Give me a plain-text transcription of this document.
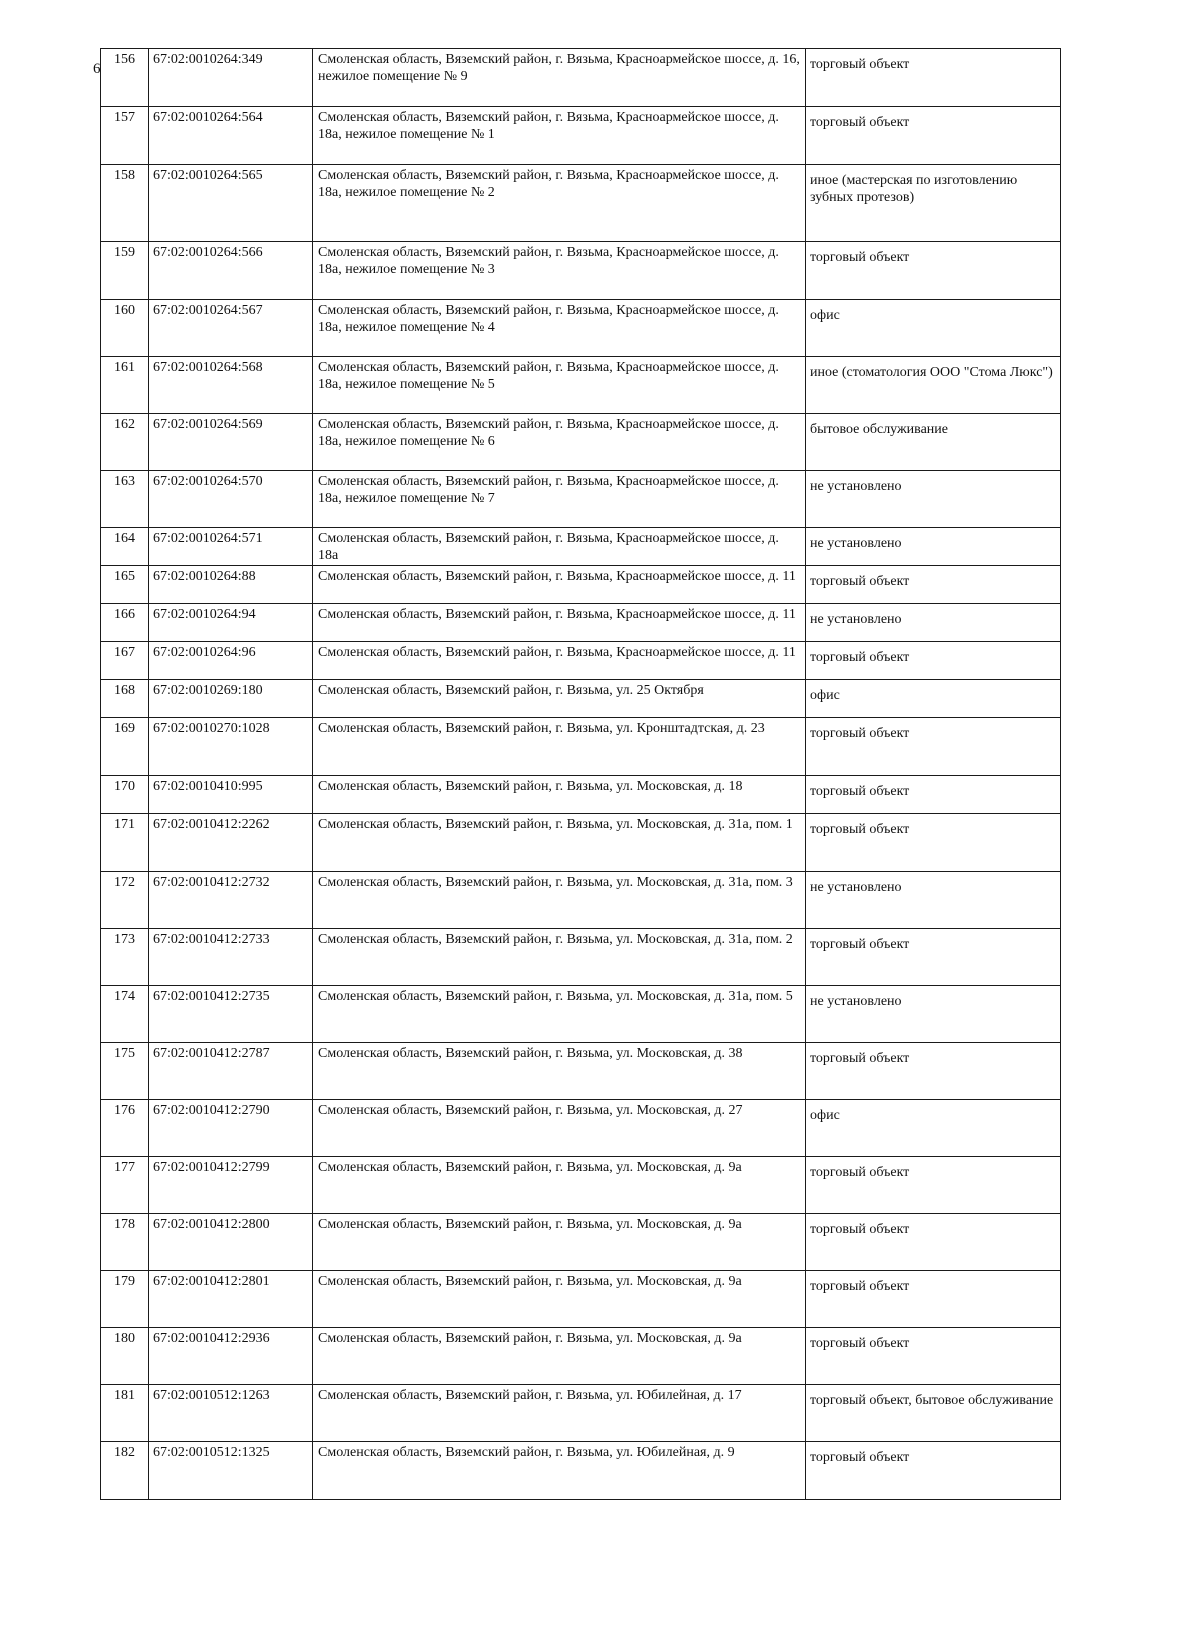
6
156	67:02:0010264:349	Смоленская область, Вяземский район, г. Вязьма, Красноармейское шоссе, д. 16, нежилое помещение № 9	торговый объект
157	67:02:0010264:564	Смоленская область, Вяземский район, г. Вязьма, Красноармейское шоссе, д. 18а, нежилое помещение № 1	торговый объект
158	67:02:0010264:565	Смоленская область, Вяземский район, г. Вязьма, Красноармейское шоссе, д. 18а, нежилое помещение № 2	иное (мастерская по изготовлению зубных протезов)
159	67:02:0010264:566	Смоленская область, Вяземский район, г. Вязьма, Красноармейское шоссе, д. 18а, нежилое помещение № 3	торговый объект
160	67:02:0010264:567	Смоленская область, Вяземский район, г. Вязьма, Красноармейское шоссе, д. 18а, нежилое помещение № 4	офис
161	67:02:0010264:568	Смоленская область, Вяземский район, г. Вязьма, Красноармейское шоссе, д. 18а, нежилое помещение № 5	иное (стоматология ООО "Стома Люкс")
162	67:02:0010264:569	Смоленская область, Вяземский район, г. Вязьма, Красноармейское шоссе, д. 18а, нежилое помещение № 6	бытовое обслуживание
163	67:02:0010264:570	Смоленская область, Вяземский район, г. Вязьма, Красноармейское шоссе, д. 18а, нежилое помещение № 7	не установлено
164	67:02:0010264:571	Смоленская область, Вяземский район, г. Вязьма, Красноармейское шоссе, д. 18а	не установлено
165	67:02:0010264:88	Смоленская область, Вяземский район, г. Вязьма, Красноармейское шоссе, д. 11	торговый объект
166	67:02:0010264:94	Смоленская область, Вяземский район, г. Вязьма, Красноармейское шоссе, д. 11	не установлено
167	67:02:0010264:96	Смоленская область, Вяземский район, г. Вязьма, Красноармейское шоссе, д. 11	торговый объект
168	67:02:0010269:180	Смоленская область, Вяземский район, г. Вязьма, ул. 25 Октября	офис
169	67:02:0010270:1028	Смоленская область, Вяземский район, г. Вязьма, ул. Кронштадтская, д. 23	торговый объект
170	67:02:0010410:995	Смоленская область, Вяземский район, г. Вязьма, ул. Московская, д. 18	торговый объект
171	67:02:0010412:2262	Смоленская область, Вяземский район, г. Вязьма, ул. Московская, д. 31а, пом. 1	торговый объект
172	67:02:0010412:2732	Смоленская область, Вяземский район, г. Вязьма, ул. Московская, д. 31а, пом. 3	не установлено
173	67:02:0010412:2733	Смоленская область, Вяземский район, г. Вязьма, ул. Московская, д. 31а, пом. 2	торговый объект
174	67:02:0010412:2735	Смоленская область, Вяземский район, г. Вязьма, ул. Московская, д. 31а, пом. 5	не установлено
175	67:02:0010412:2787	Смоленская область, Вяземский район, г. Вязьма, ул. Московская, д. 38	торговый объект
176	67:02:0010412:2790	Смоленская область, Вяземский район, г. Вязьма, ул. Московская, д. 27	офис
177	67:02:0010412:2799	Смоленская область, Вяземский район, г. Вязьма, ул. Московская, д. 9а	торговый объект
178	67:02:0010412:2800	Смоленская область, Вяземский район, г. Вязьма, ул. Московская, д. 9а	торговый объект
179	67:02:0010412:2801	Смоленская область, Вяземский район, г. Вязьма, ул. Московская, д. 9а	торговый объект
180	67:02:0010412:2936	Смоленская область, Вяземский район, г. Вязьма, ул. Московская, д. 9а	торговый объект
181	67:02:0010512:1263	Смоленская область, Вяземский район, г. Вязьма, ул. Юбилейная, д. 17	торговый объект, бытовое обслуживание
182	67:02:0010512:1325	Смоленская область, Вяземский район, г. Вязьма, ул. Юбилейная, д. 9	торговый объект
